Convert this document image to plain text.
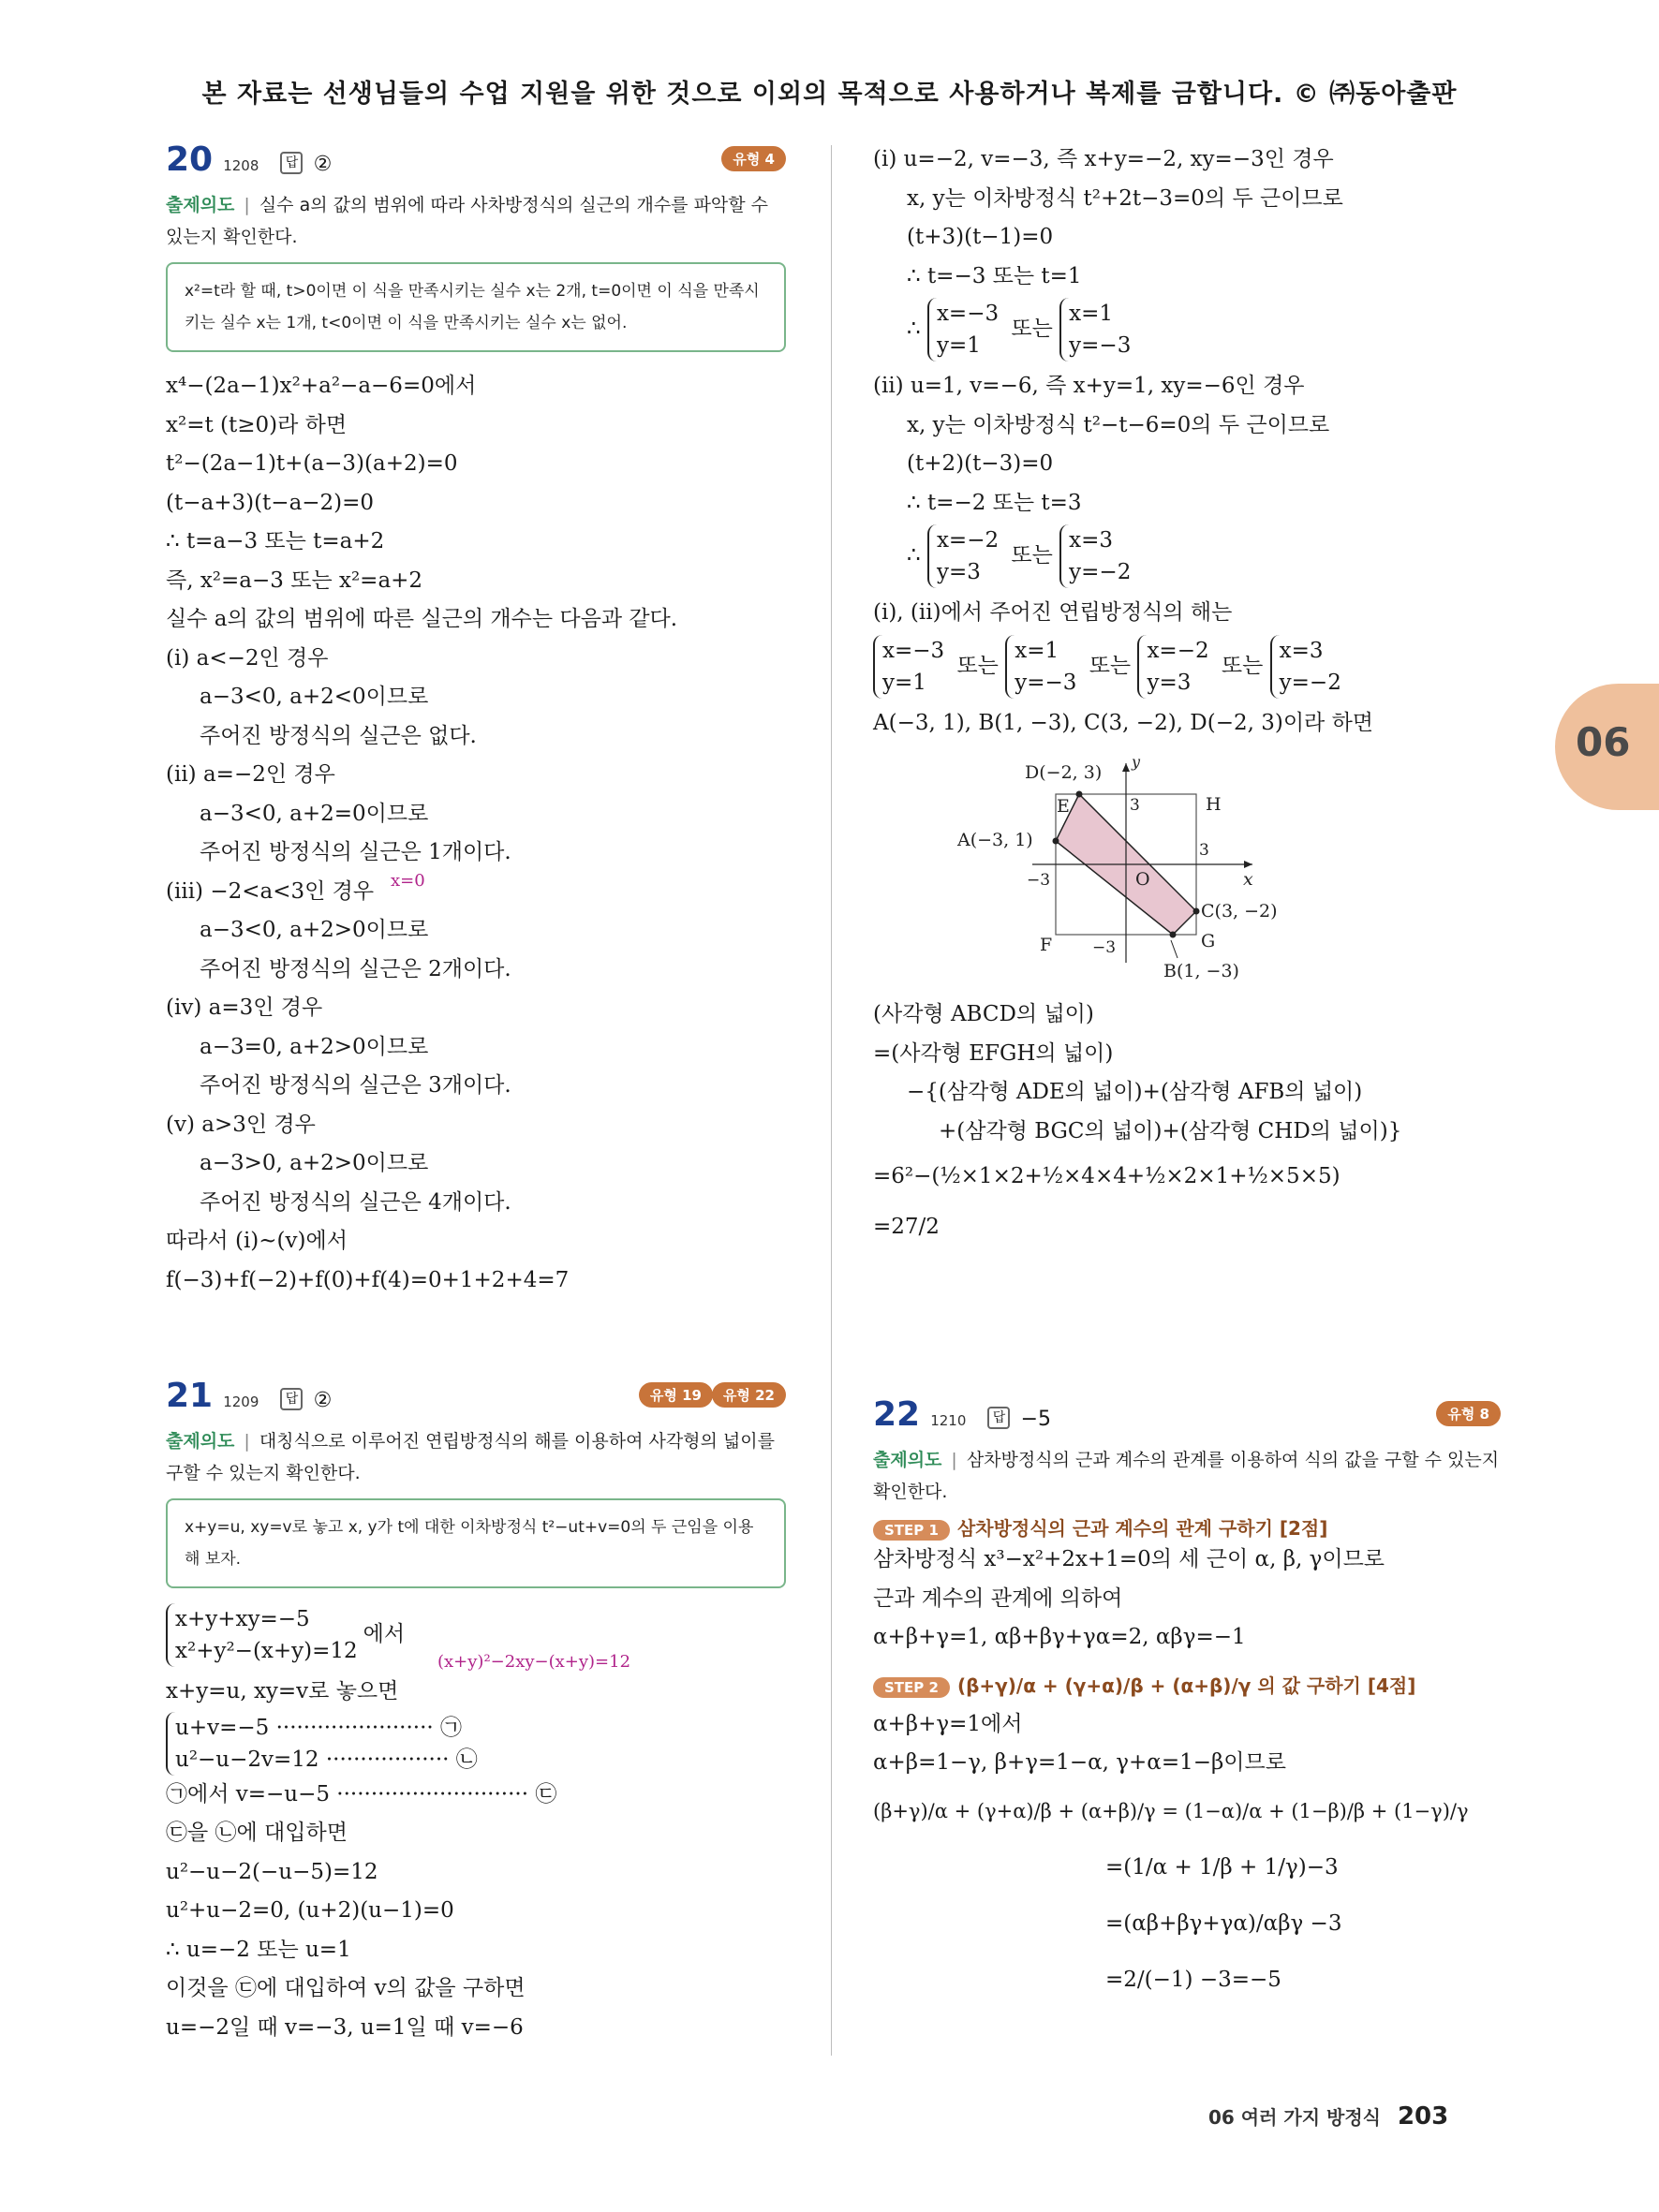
본 자료는 선생님들의 수업 지원을 위한 것으로 이외의 목적으로 사용하거나 복제를 금합니다. © ㈜동아출판
06
20 1208 답 ②	유형 4
출제의도 | 실수 a의 값의 범위에 따라 사차방정식의 실근의 개수를 파악할 수 있는지 확인한다.
x²=t라 할 때, t>0이면 이 식을 만족시키는 실수 x는 2개, t=0이면 이 식을 만족시키는 실수 x는 1개, t<0이면 이 식을 만족시키는 실수 x는 없어.
x⁴−(2a−1)x²+a²−a−6=0에서
x²=t (t≥0)라 하면
t²−(2a−1)t+(a−3)(a+2)=0
(t−a+3)(t−a−2)=0
∴ t=a−3 또는 t=a+2
즉, x²=a−3 또는 x²=a+2
실수 a의 값의 범위에 따른 실근의 개수는 다음과 같다.
(ⅰ) a<−2인 경우
a−3<0, a+2<0이므로
주어진 방정식의 실근은 없다.
(ⅱ) a=−2인 경우
a−3<0, a+2=0이므로
주어진 방정식의 실근은 1개이다.
(ⅲ) −2<a<3인 경우 x=0
a−3<0, a+2>0이므로
주어진 방정식의 실근은 2개이다.
(ⅳ) a=3인 경우
a−3=0, a+2>0이므로
주어진 방정식의 실근은 3개이다.
(ⅴ) a>3인 경우
a−3>0, a+2>0이므로
주어진 방정식의 실근은 4개이다.
따라서 (ⅰ)~(ⅴ)에서
f(−3)+f(−2)+f(0)+f(4)=0+1+2+4=7
21 1209 답 ②	유형 19	유형 22
출제의도 | 대칭식으로 이루어진 연립방정식의 해를 이용하여 사각형의 넓이를 구할 수 있는지 확인한다.
x+y=u, xy=v로 놓고 x, y가 t에 대한 이차방정식 t²−ut+v=0의 두 근임을 이용해 보자.
x+y+xy=−5
x²+y²−(x+y)=12에서
(x+y)²−2xy−(x+y)=12
x+y=u, xy=v로 놓으면
u+v=−5 ······················· ㉠
u²−u−2v=12 ·················· ㉡
㉠에서 v=−u−5 ···························· ㉢
㉢을 ㉡에 대입하면
u²−u−2(−u−5)=12
u²+u−2=0, (u+2)(u−1)=0
∴ u=−2 또는 u=1
이것을 ㉢에 대입하여 v의 값을 구하면
u=−2일 때 v=−3, u=1일 때 v=−6
(ⅰ) u=−2, v=−3, 즉 x+y=−2, xy=−3인 경우
x, y는 이차방정식 t²+2t−3=0의 두 근이므로
(t+3)(t−1)=0
∴ t=−3 또는 t=1
∴ x=−3
y=1 또는 x=1
y=−3
(ⅱ) u=1, v=−6, 즉 x+y=1, xy=−6인 경우
x, y는 이차방정식 t²−t−6=0의 두 근이므로
(t+2)(t−3)=0
∴ t=−2 또는 t=3
∴ x=−2
y=3 또는 x=3
y=−2
(ⅰ), (ⅱ)에서 주어진 연립방정식의 해는
x=−3
y=1 또는 x=1
y=−3 또는 x=−2
y=3 또는 x=3
y=−2
A(−3, 1), B(1, −3), C(3, −2), D(−2, 3)이라 하면
D(−2, 3)
y
E	3	H
A(−3, 1)	3
−3	O	x
C(3, −2)
F	−3	G
B(1, −3)
(사각형 ABCD의 넓이)
=(사각형 EFGH의 넓이)
−{(삼각형 ADE의 넓이)+(삼각형 AFB의 넓이)
+(삼각형 BGC의 넓이)+(삼각형 CHD의 넓이)}
=6²−(½×1×2+½×4×4+½×2×1+½×5×5)
=27/2
22 1210 답 −5	유형 8
출제의도 | 삼차방정식의 근과 계수의 관계를 이용하여 식의 값을 구할 수 있는지 확인한다.
STEP 1 삼차방정식의 근과 계수의 관계 구하기 [2점]
삼차방정식 x³−x²+2x+1=0의 세 근이 α, β, γ이므로
근과 계수의 관계에 의하여
α+β+γ=1, αβ+βγ+γα=2, αβγ=−1
STEP 2 (β+γ)/α + (γ+α)/β + (α+β)/γ 의 값 구하기 [4점]
α+β+γ=1에서
α+β=1−γ, β+γ=1−α, γ+α=1−β이므로
(β+γ)/α + (γ+α)/β + (α+β)/γ = (1−α)/α + (1−β)/β + (1−γ)/γ
=(1/α + 1/β + 1/γ)−3
=(αβ+βγ+γα)/αβγ −3
=2/(−1) −3=−5
06 여러 가지 방정식 203
